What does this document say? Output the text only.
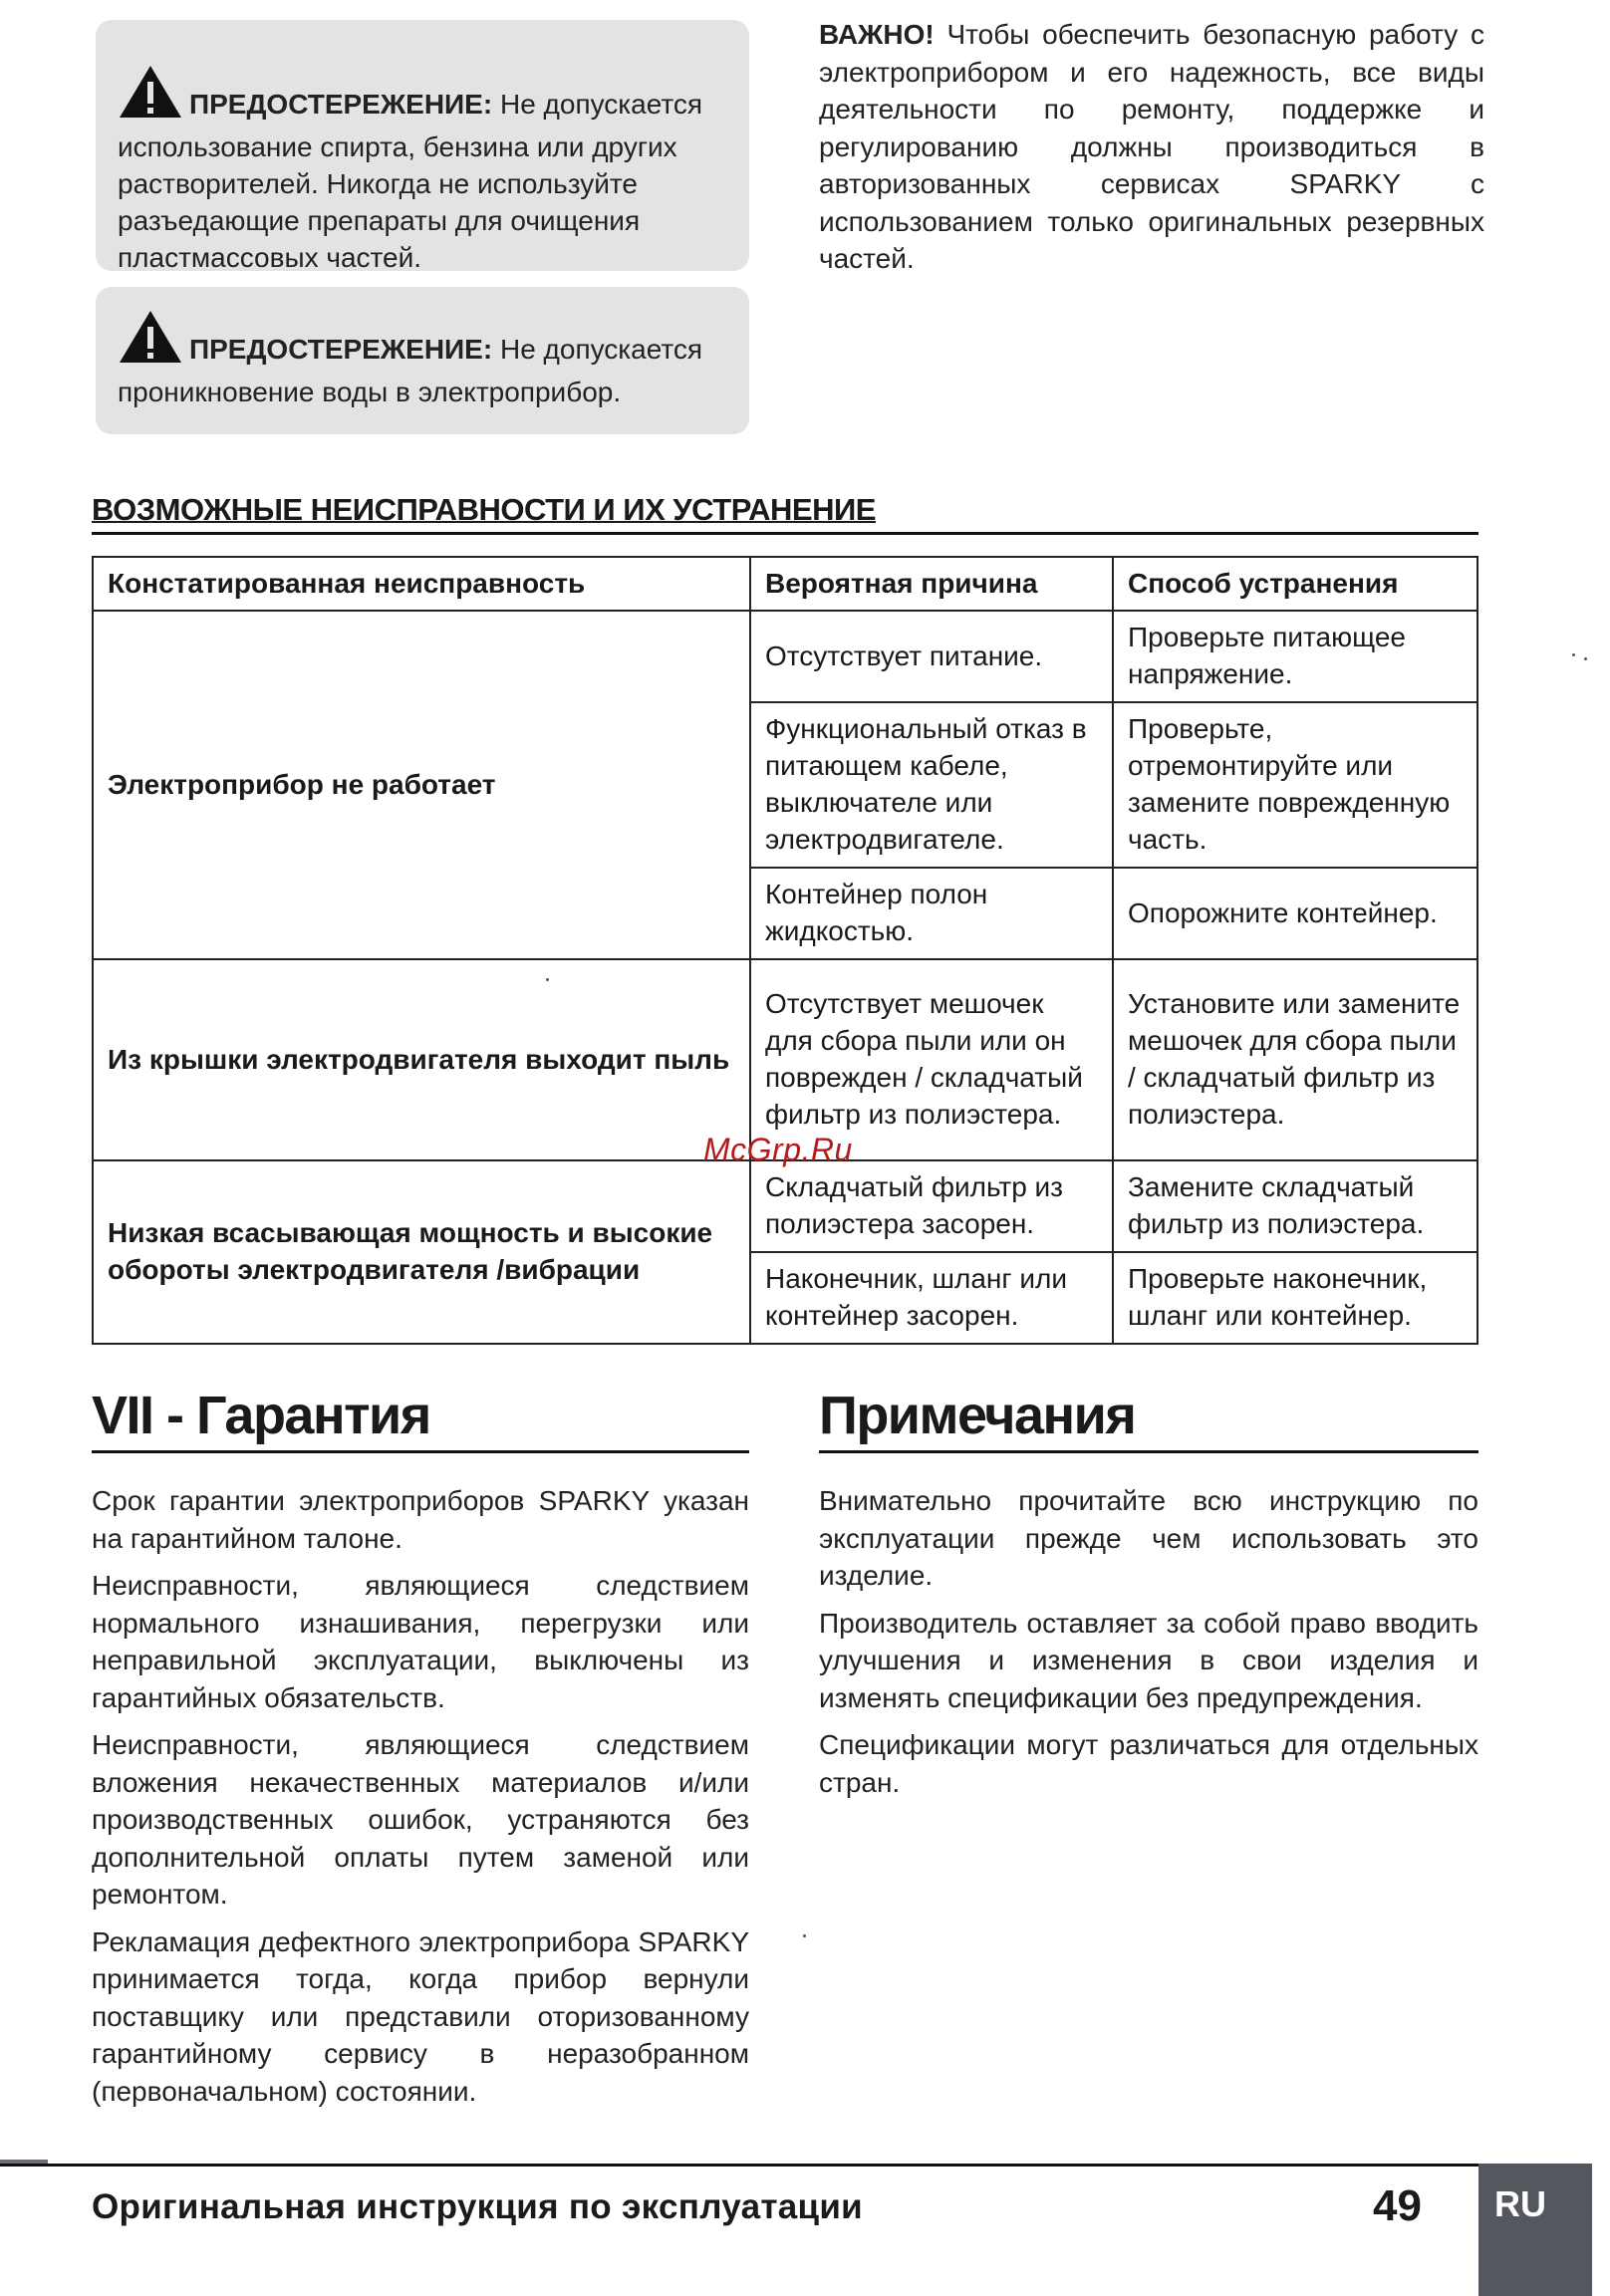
ПРЕДОСТЕРЕЖЕНИЕ: Не допускается использование спирта, бензина или других растворителей. Никогда не используйте разъедающие препараты для очищения пластмассовых частей.
ПРЕДОСТЕРЕЖЕНИЕ: Не допускается проникновение воды в электроприбор.
ВАЖНО! Чтобы обеспечить безопасную работу с электроприбором и его надежность, все виды деятельности по ремонту, поддержке и регулированию должны производиться в авторизованных сервисах SPARKY с использованием только оригинальных резервных частей.
ВОЗМОЖНЫЕ НЕИСПРАВНОСТИ И ИХ УСТРАНЕНИЕ
Констатированная неисправность	Вероятная причина	Способ устранения
Электроприбор не работает	Отсутствует питание.	Проверьте питающее напряжение.
	Функциональный отказ в питающем кабеле, выключателе или электродвигателе.	Проверьте, отремонтируйте или замените поврежденную часть.
	Контейнер полон жидкостью.	Опорожните контейнер.
Из крышки электродвигателя выходит пыль	Отсутствует мешочек для сбора пыли или он поврежден / складчатый фильтр из полиэстера.	Установите или замените мешочек для сбора пыли / складчатый фильтр из полиэстера.
Низкая всасывающая мощность и высокие обороты электродвигателя /вибрации	Складчатый фильтр из полиэстера засорен.	Замените складчатый фильтр из полиэстера.
	Наконечник, шланг или контейнер засорен.	Проверьте наконечник, шланг или контейнер.
McGrp.Ru
VII - Гарантия

Срок гарантии электроприборов SPARKY указан на гарантийном талоне.

Неисправности, являющиеся следствием нормального изнашивания, перегрузки или неправильной эксплуатации, выключены из гарантийных обязательств.

Неисправности, являющиеся следствием вложения некачественных материалов и/или производственных ошибок, устраняются без дополнительной оплаты путем заменой или ремонтом.

Рекламация дефектного электроприбора SPARKY принимается тогда, когда прибор вернули поставщику или представили оторизованному гарантийному сервису в неразобранном (первоначальном) состоянии.

Примечания

Внимательно прочитайте всю инструкцию по эксплуатации прежде чем использовать это изделие.

Производитель оставляет за собой право вводить улучшения и изменения в свои изделия и изменять спецификации без предупреждения.

Спецификации могут различаться для отдельных стран.

Оригинальная инструкция по эксплуатации	49	RU
